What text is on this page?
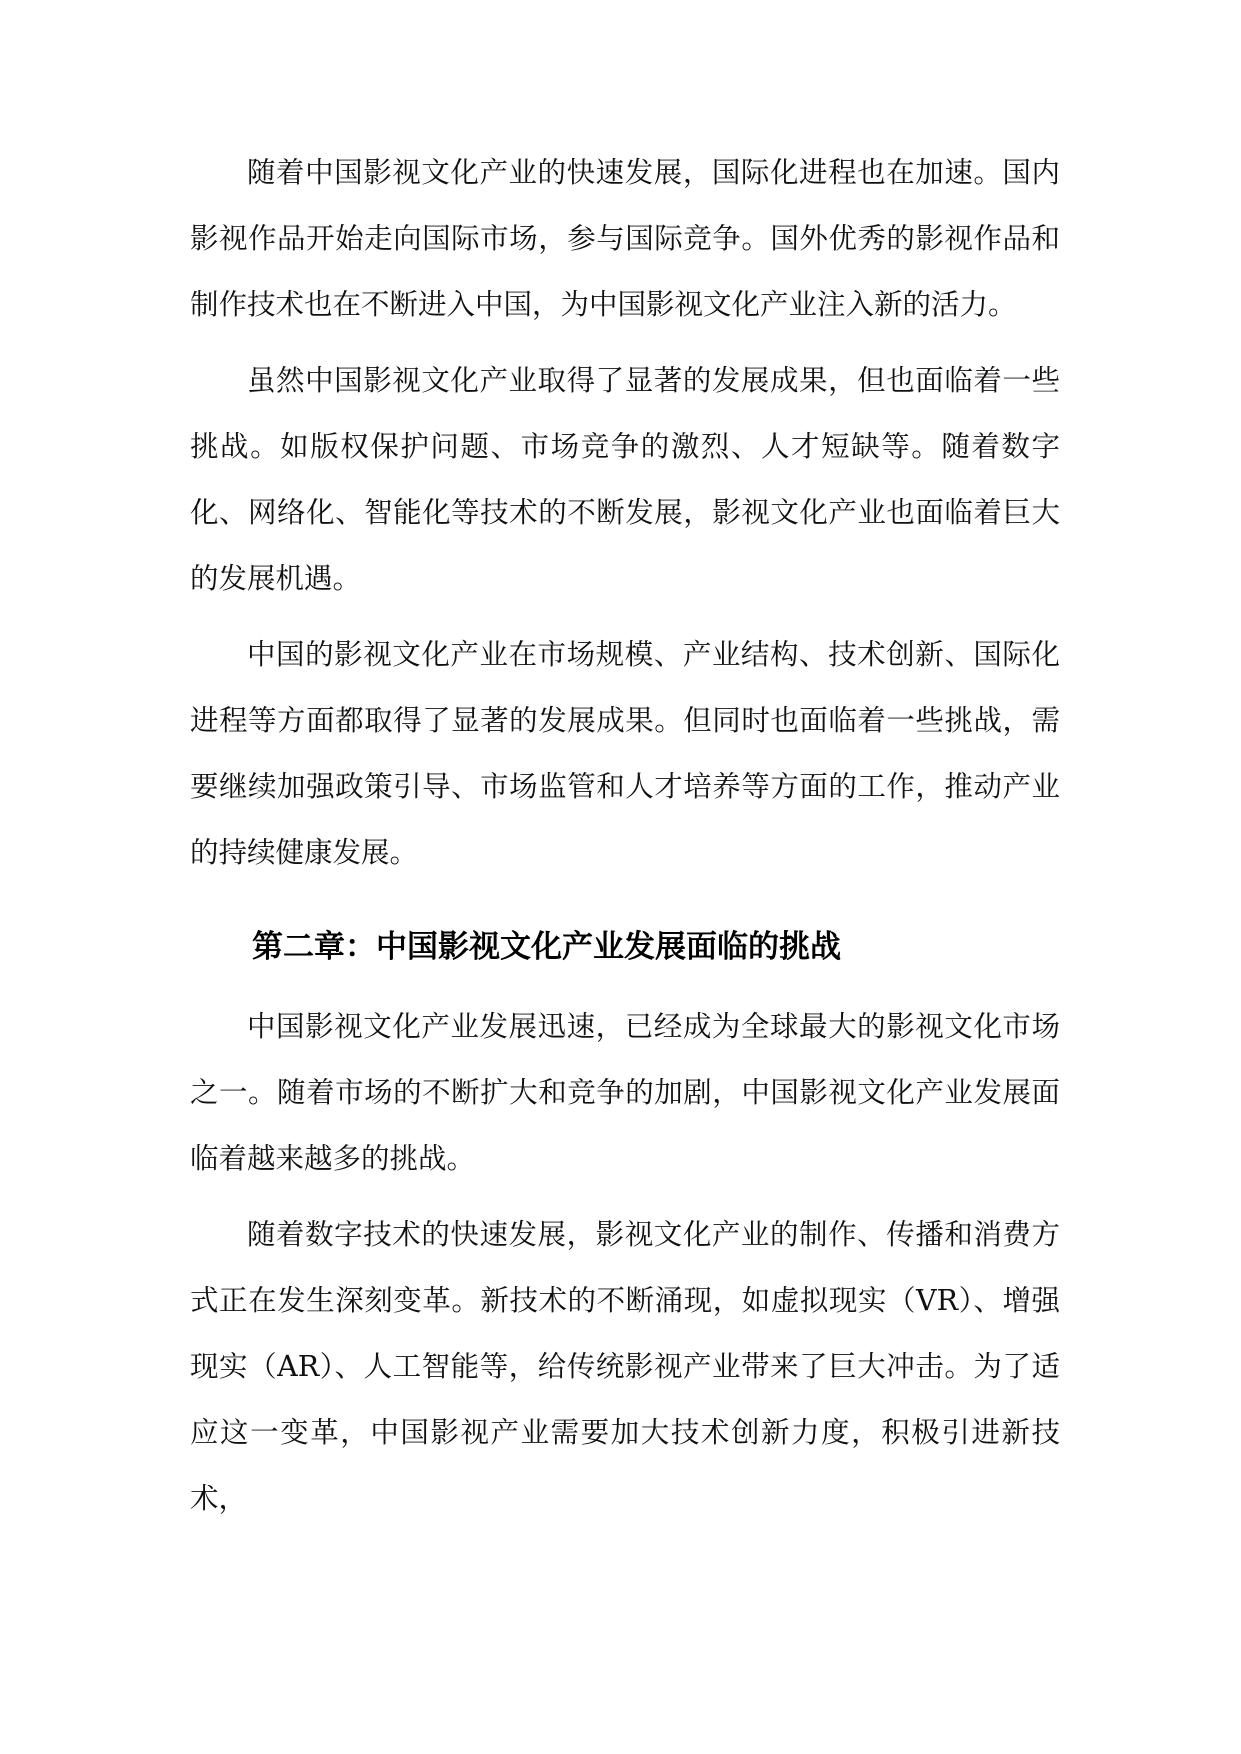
随着中国影视文化产业的快速发展，国际化进程也在加速。国内影视作品开始走向国际市场，参与国际竞争。国外优秀的影视作品和制作技术也在不断进入中国，为中国影视文化产业注入新的活力。

虽然中国影视文化产业取得了显著的发展成果，但也面临着一些挑战。如版权保护问题、市场竞争的激烈、人才短缺等。随着数字化、网络化、智能化等技术的不断发展，影视文化产业也面临着巨大的发展机遇。

中国的影视文化产业在市场规模、产业结构、技术创新、国际化进程等方面都取得了显著的发展成果。但同时也面临着一些挑战，需要继续加强政策引导、市场监管和人才培养等方面的工作，推动产业的持续健康发展。

第二章：中国影视文化产业发展面临的挑战

中国影视文化产业发展迅速，已经成为全球最大的影视文化市场之一。随着市场的不断扩大和竞争的加剧，中国影视文化产业发展面临着越来越多的挑战。

随着数字技术的快速发展，影视文化产业的制作、传播和消费方式正在发生深刻变革。新技术的不断涌现，如虚拟现实（VR）、增强现实（AR）、人工智能等，给传统影视产业带来了巨大冲击。为了适应这一变革，中国影视产业需要加大技术创新力度，积极引进新技术，
